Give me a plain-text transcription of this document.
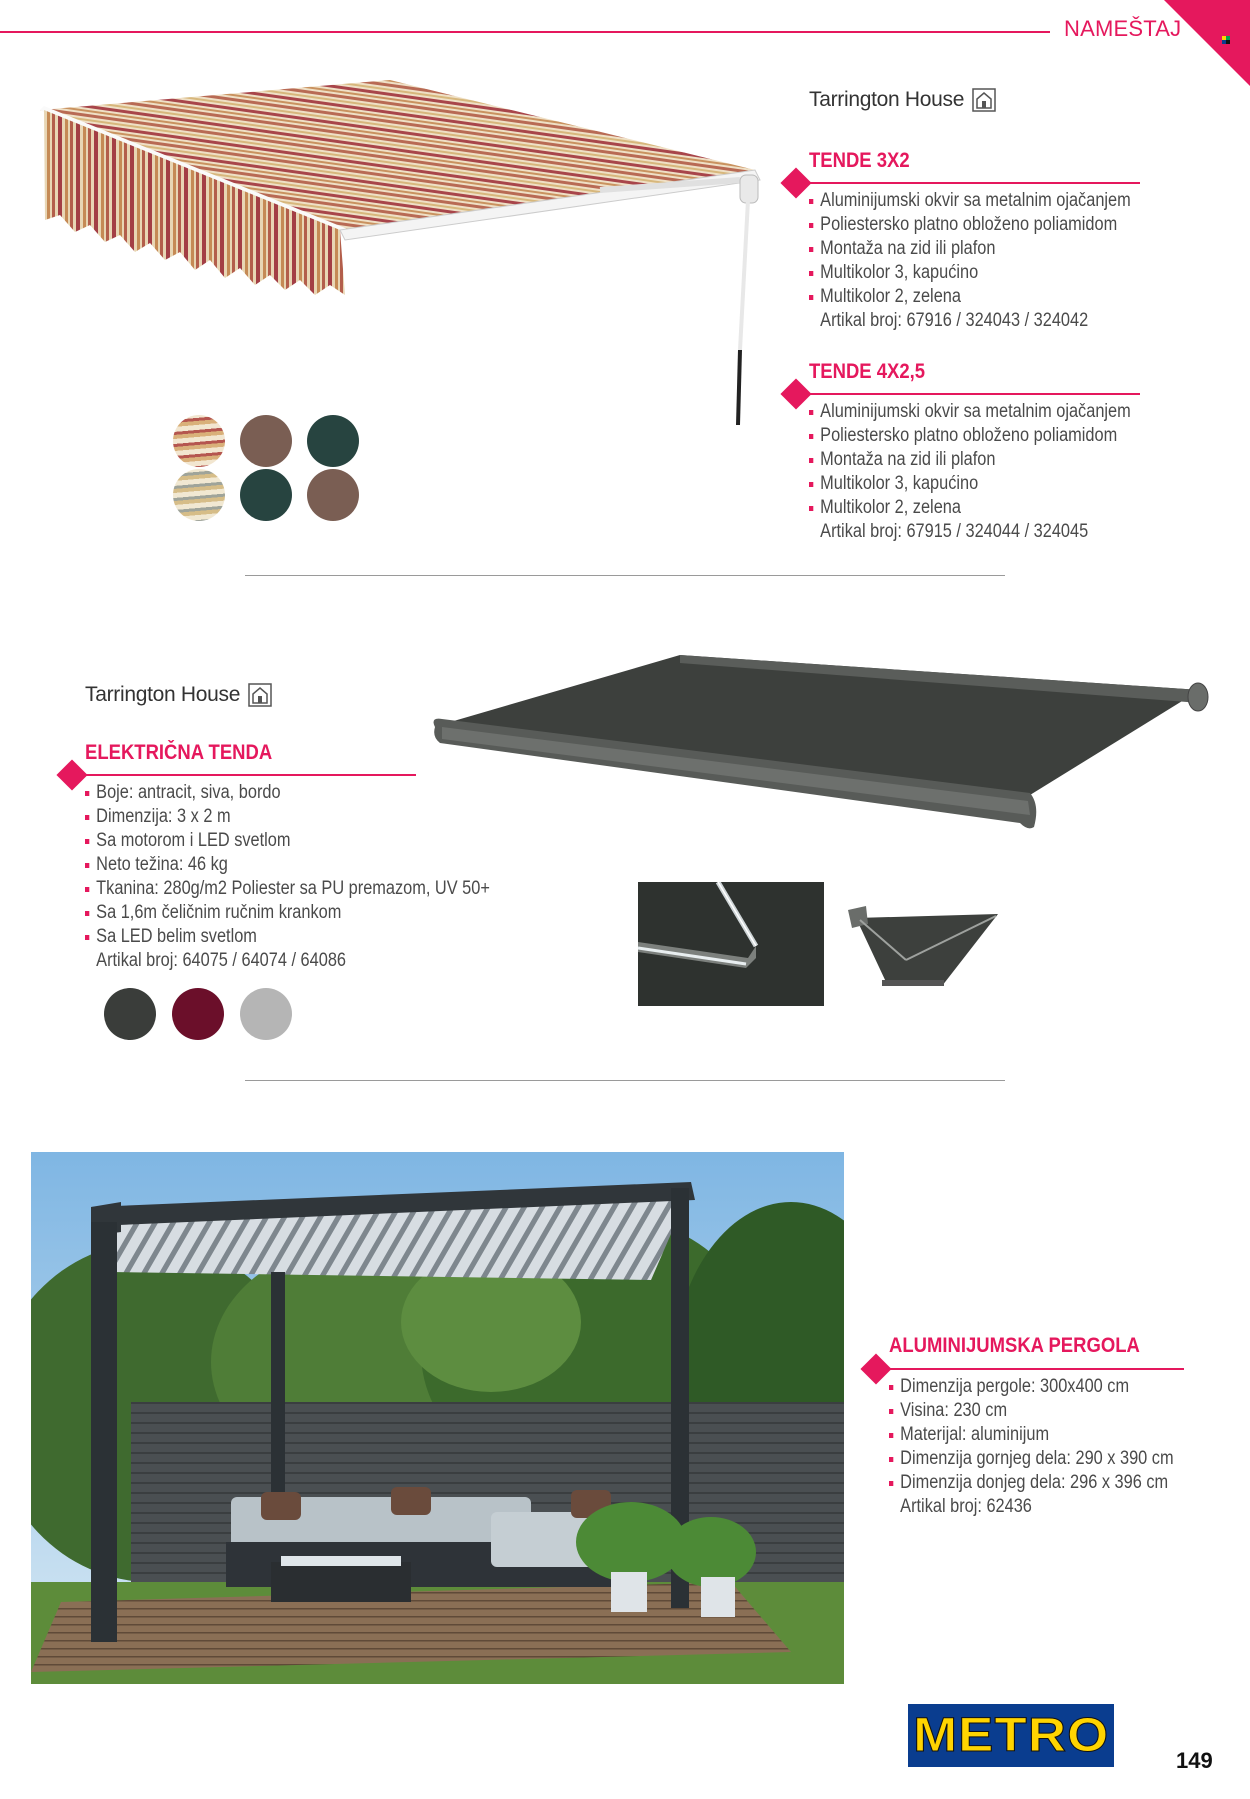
NAMEŠTAJ
Tarrington House
TENDE 3X2
Aluminijumski okvir sa metalnim ojačanjem
Poliestersko platno obloženo poliamidom
Montaža na zid ili plafon
Multikolor 3, kapućino
Multikolor 2, zelena
Artikal broj: 67916 / 324043 / 324042
TENDE 4X2,5
Aluminijumski okvir sa metalnim ojačanjem
Poliestersko platno obloženo poliamidom
Montaža na zid ili plafon
Multikolor 3, kapućino
Multikolor 2, zelena
Artikal broj: 67915 / 324044 / 324045
Tarrington House
ELEKTRIČNA TENDA
Boje: antracit, siva, bordo
Dimenzija: 3 x 2 m
Sa motorom i LED svetlom
Neto težina: 46 kg
Tkanina: 280g/m2 Poliester sa PU premazom, UV 50+
Sa 1,6m čeličnim ručnim krankom
Sa LED belim svetlom
Artikal broj: 64075 / 64074 / 64086
ALUMINIJUMSKA PERGOLA
Dimenzija pergole: 300x400 cm
Visina: 230 cm
Materijal: aluminijum
Dimenzija gornjeg dela: 290 x 390 cm
Dimenzija donjeg dela: 296 x 396 cm
Artikal broj: 62436
METRO	149
